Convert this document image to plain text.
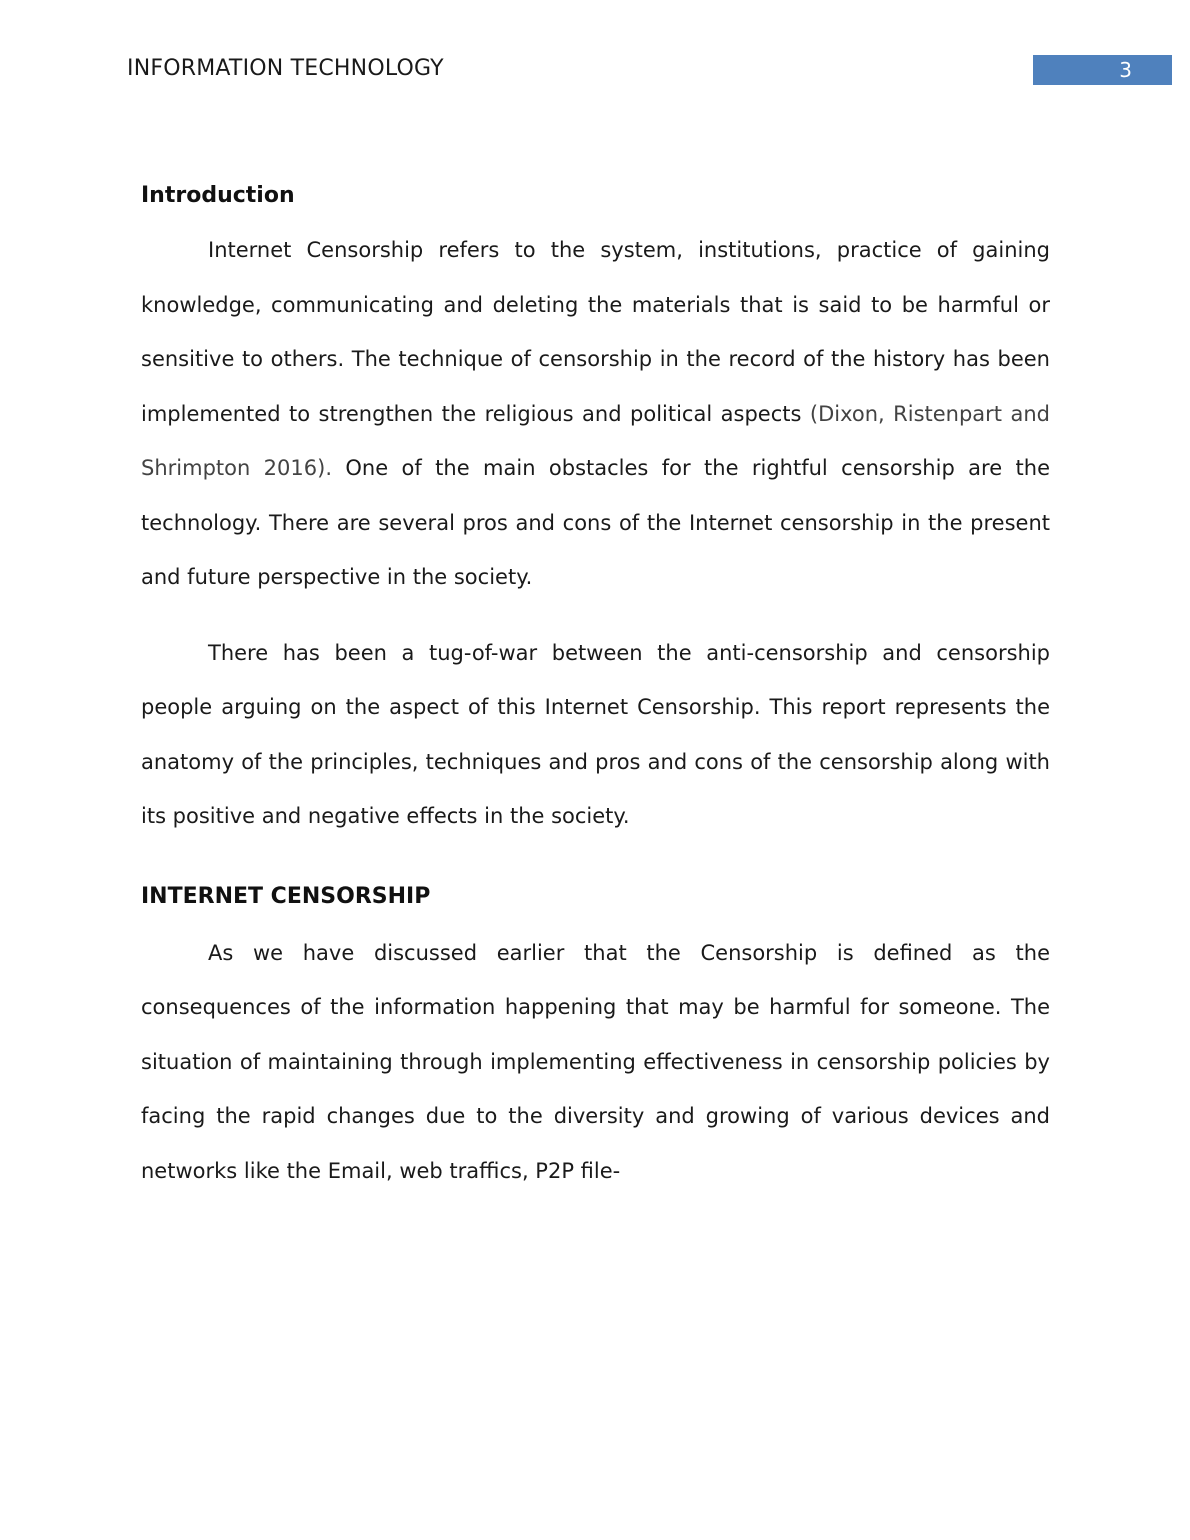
INFORMATION TECHNOLOGY	3
Introduction

Internet Censorship refers to the system, institutions, practice of gaining knowledge, communicating and deleting the materials that is said to be harmful or sensitive to others. The technique of censorship in the record of the history has been implemented to strengthen the religious and political aspects (Dixon, Ristenpart and Shrimpton 2016). One of the main obstacles for the rightful censorship are the technology. There are several pros and cons of the Internet censorship in the present and future perspective in the society.

There has been a tug-of-war between the anti-censorship and censorship people arguing on the aspect of this Internet Censorship. This report represents the anatomy of the principles, techniques and pros and cons of the censorship along with its positive and negative effects in the society.

INTERNET CENSORSHIP

As we have discussed earlier that the Censorship is defined as the consequences of the information happening that may be harmful for someone. The situation of maintaining through implementing effectiveness in censorship policies by facing the rapid changes due to the diversity and growing of various devices and networks like the Email, web traffics, P2P file-
